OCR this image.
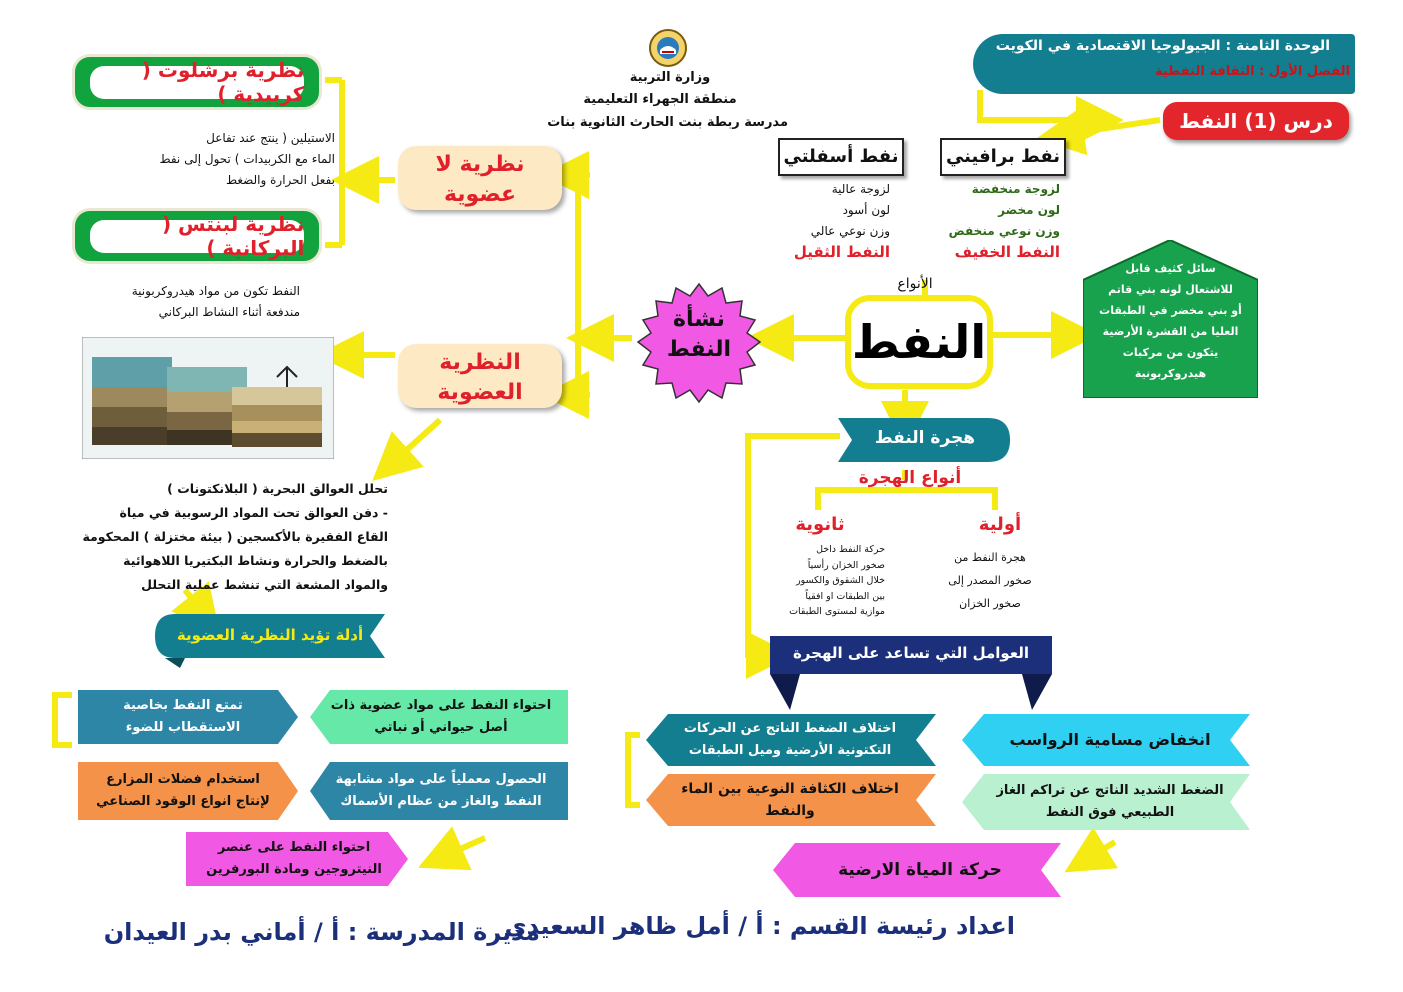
وزارة التربية
منطقة الجهراء التعليمية
مدرسة ربطة بنت الحارث الثانوية بنات
الوحدة الثامنة : الجيولوجيا الاقتصادية في الكويت
الفصل الأول : الثقافة النفطية
درس (1) النفط
نفط برافيني
نفط أسفلتي
لزوجة منخفضة
لون مخضر
وزن نوعي منخفض
النفط الخفيف
لزوجة عالية
لون أسود
وزن نوعي عالي
النفط الثقيل
الأنواع
النفط
سائل كثيف قابل
للاشتعال لونه بني قاتم
أو بني مخضر في الطبقات
العليا من القشرة الأرضية
يتكون من مركبات
هيدروكربونية
نشأة النفط
نظرية لا عضوية
نظرية برشلوت ( كربيدية )
الاستيلين ( ينتج عند تفاعل
الماء مع الكربيدات ) تحول إلى نفط
بفعل الحرارة والضغط
نظرية لبنتس ( البركانية )
النفط تكون من مواد هيدروكربونية
مندفعة أثناء النشاط البركاني
النظرية العضوية
تحلل العوالق البحرية ( البلانكتونات )
- دفن العوالق تحت المواد الرسوبية في مياة
القاع الفقيرة بالأكسجين ( بيئة مختزلة ) المحكومة
بالضغط والحرارة ونشاط البكتيريا اللاهوائية
والمواد المشعة التي تنشط عملية التحلل
أدلة تؤيد النظرية العضوية
احتواء النفط على مواد عضوية ذات أصل حيواني أو نباتي
تمتع النفط بخاصية الاستقطاب للضوء
الحصول معملياً على مواد مشابهة النفط والغاز من عظام الأسماك
استخدام فضلات المزارع لإنتاج انواع الوقود الصناعي
احتواء النفط على عنصر النيتروجين ومادة البورفرين
هجرة النفط
أنواع الهجرة
أولية
هجرة النفط من
صخور المصدر إلى
صخور الخزان
ثانوية
حركة النفط داخل
صخور الخزان رأسياً
خلال الشقوق والكسور
بين الطبقات او افقياً
موازية لمستوى الطبقات
العوامل التي تساعد على الهجرة
انخفاض مسامية الرواسب
اختلاف الضغط الناتج عن الحركات التكتونية الأرضية وميل الطبقات
الضغط الشديد الناتج عن تراكم الغاز الطبيعي فوق النفط
اختلاف الكثافة النوعية بين الماء والنفط
حركة المياة الارضية
اعداد رئيسة القسم : أ / أمل ظاهر السعيدي
مديرة المدرسة : أ / أماني بدر العيدان
